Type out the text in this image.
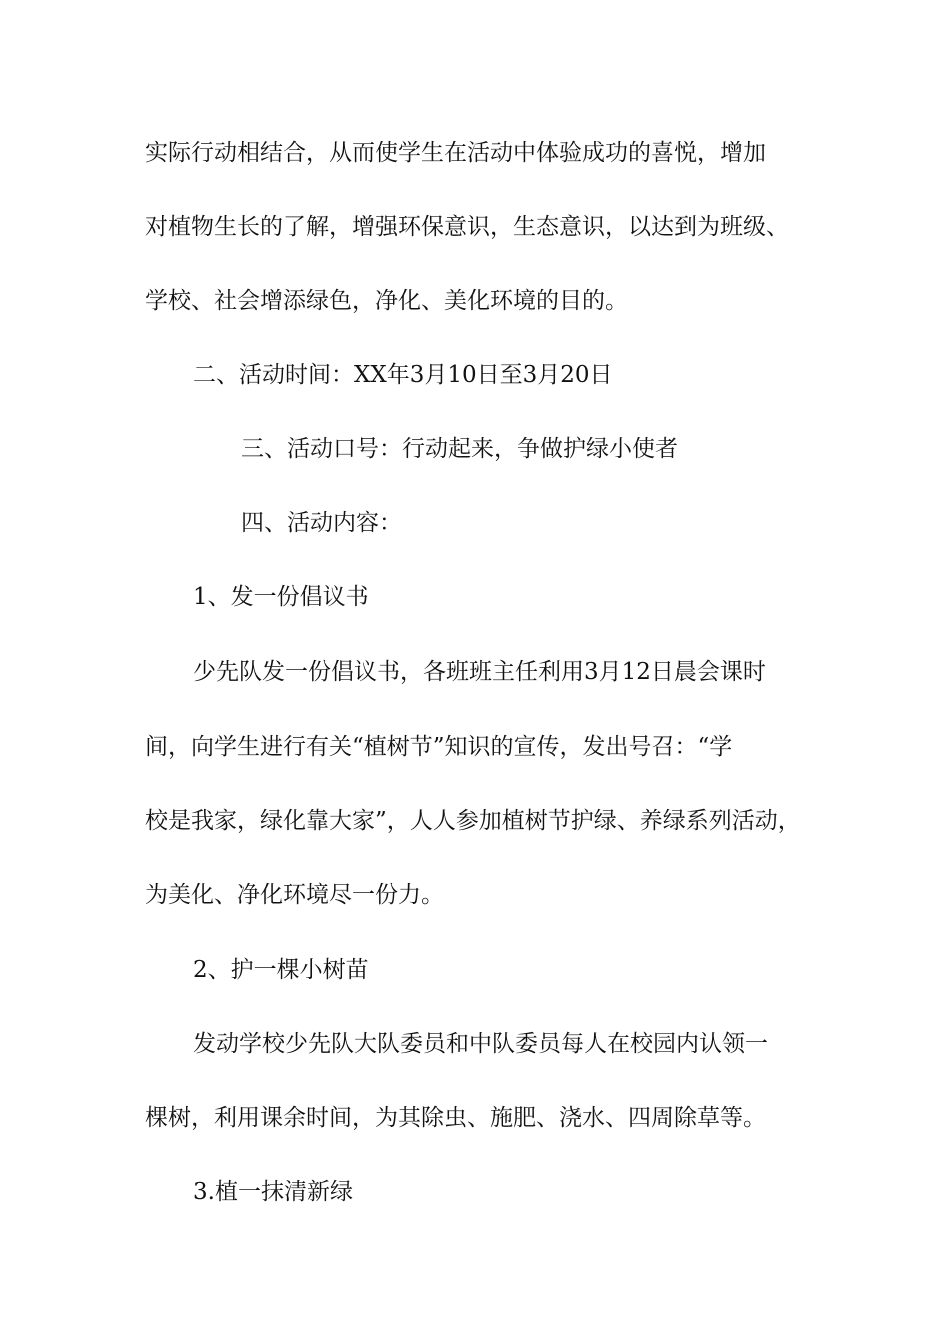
实际行动相结合，从而使学生在活动中体验成功的喜悦，增加
对植物生长的了解，增强环保意识，生态意识，以达到为班级、
学校、社会增添绿色，净化、美化环境的目的。
二、活动时间：XX年3月10日至3月20日
三、活动口号：行动起来，争做护绿小使者
四、活动内容：
1、发一份倡议书
少先队发一份倡议书，各班班主任利用3月12日晨会课时
间，向学生进行有关“植树节”知识的宣传，发出号召：“学
校是我家，绿化靠大家”，人人参加植树节护绿、养绿系列活动，
为美化、净化环境尽一份力。
2、护一棵小树苗
发动学校少先队大队委员和中队委员每人在校园内认领一
棵树，利用课余时间，为其除虫、施肥、浇水、四周除草等。
3.植一抹清新绿
